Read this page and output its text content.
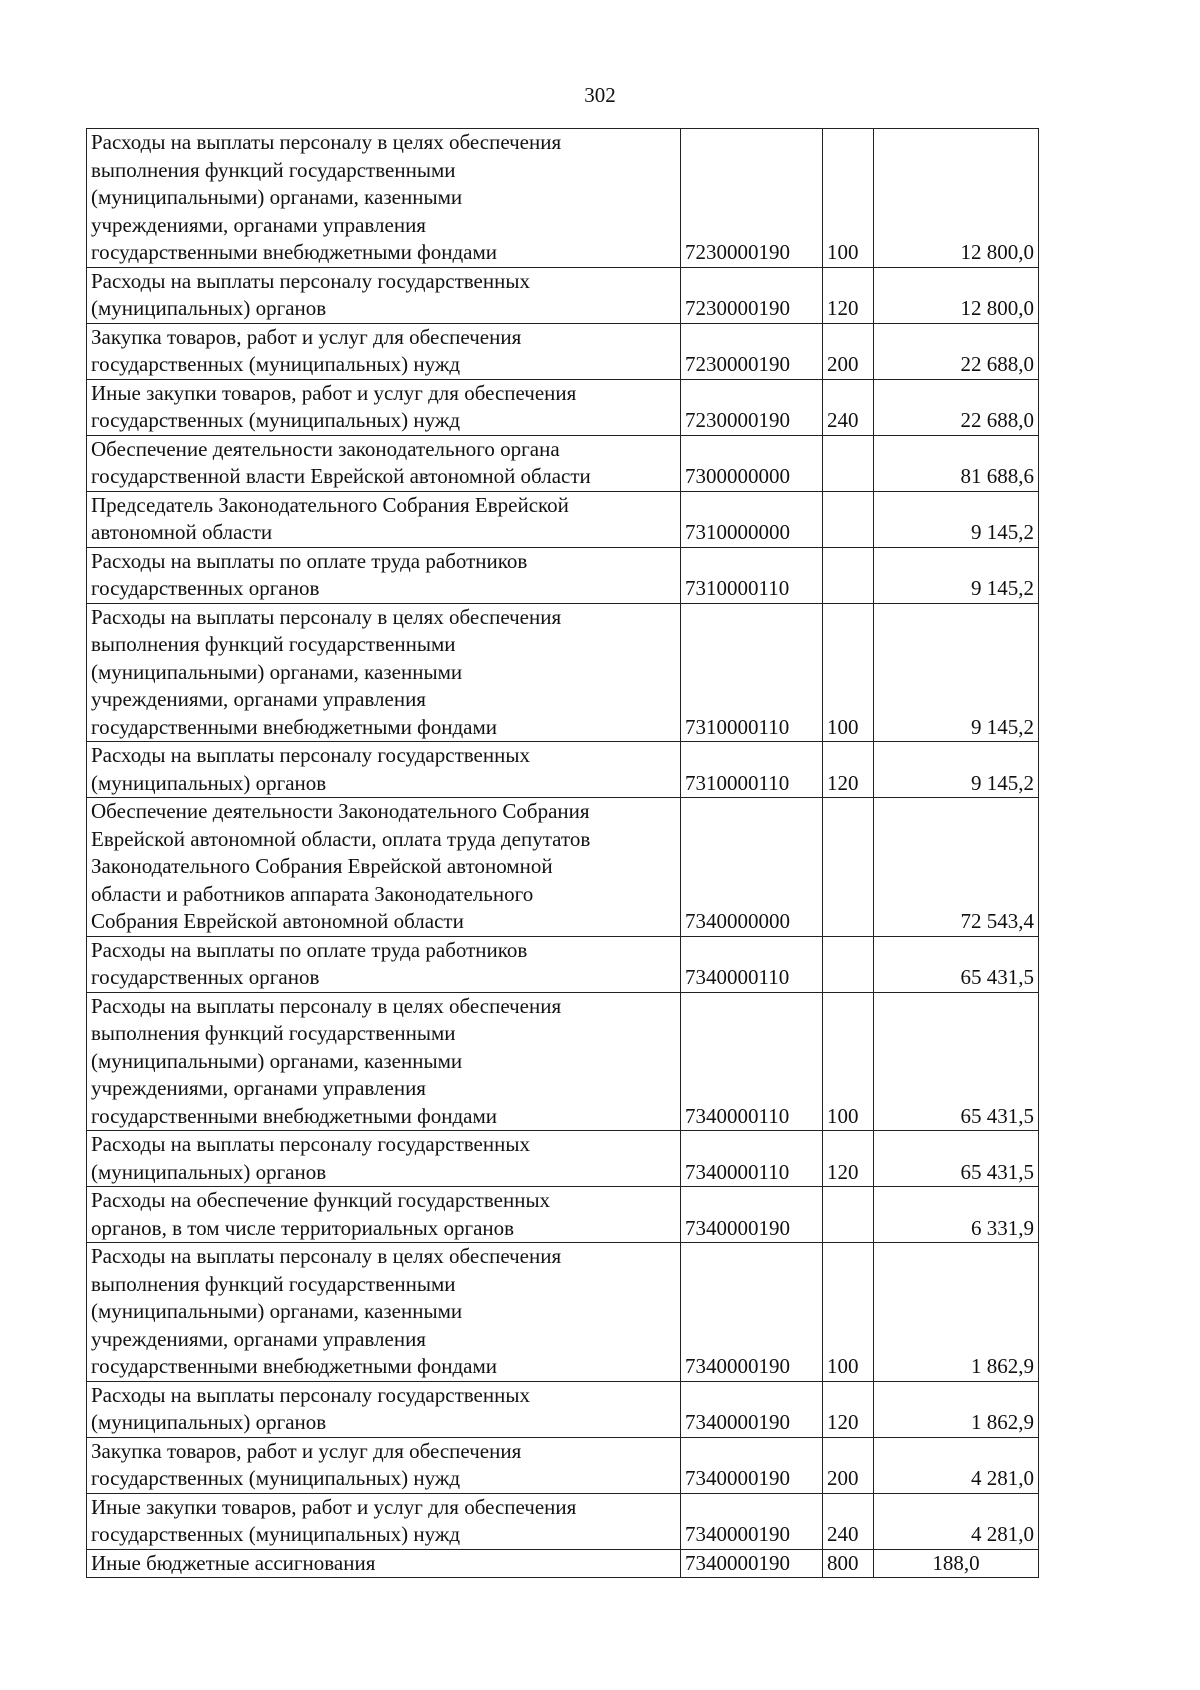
302
Расходы на выплаты персоналу в целях обеспечения
выполнения функций государственными
(муниципальными) органами, казенными
учреждениями, органами управления
государственными внебюджетными фондами	7230000190	100	12 800,0
Расходы на выплаты персоналу государственных
(муниципальных) органов	7230000190	120	12 800,0
Закупка товаров, работ и услуг для обеспечения
государственных (муниципальных) нужд	7230000190	200	22 688,0
Иные закупки товаров, работ и услуг для обеспечения
государственных (муниципальных) нужд	7230000190	240	22 688,0
Обеспечение деятельности законодательного органа
государственной власти Еврейской автономной области	7300000000		81 688,6
Председатель Законодательного Собрания Еврейской
автономной области	7310000000		9 145,2
Расходы на выплаты по оплате труда работников
государственных органов	7310000110		9 145,2
Расходы на выплаты персоналу в целях обеспечения
выполнения функций государственными
(муниципальными) органами, казенными
учреждениями, органами управления
государственными внебюджетными фондами	7310000110	100	9 145,2
Расходы на выплаты персоналу государственных
(муниципальных) органов	7310000110	120	9 145,2
Обеспечение деятельности Законодательного Собрания
Еврейской автономной области, оплата труда депутатов
Законодательного Собрания Еврейской автономной
области и работников аппарата Законодательного
Собрания Еврейской автономной области	7340000000		72 543,4
Расходы на выплаты по оплате труда работников
государственных органов	7340000110		65 431,5
Расходы на выплаты персоналу в целях обеспечения
выполнения функций государственными
(муниципальными) органами, казенными
учреждениями, органами управления
государственными внебюджетными фондами	7340000110	100	65 431,5
Расходы на выплаты персоналу государственных
(муниципальных) органов	7340000110	120	65 431,5
Расходы на обеспечение функций государственных
органов, в том числе территориальных органов	7340000190		6 331,9
Расходы на выплаты персоналу в целях обеспечения
выполнения функций государственными
(муниципальными) органами, казенными
учреждениями, органами управления
государственными внебюджетными фондами	7340000190	100	1 862,9
Расходы на выплаты персоналу государственных
(муниципальных) органов	7340000190	120	1 862,9
Закупка товаров, работ и услуг для обеспечения
государственных (муниципальных) нужд	7340000190	200	4 281,0
Иные закупки товаров, работ и услуг для обеспечения
государственных (муниципальных) нужд	7340000190	240	4 281,0
Иные бюджетные ассигнования	7340000190	800	188,0
